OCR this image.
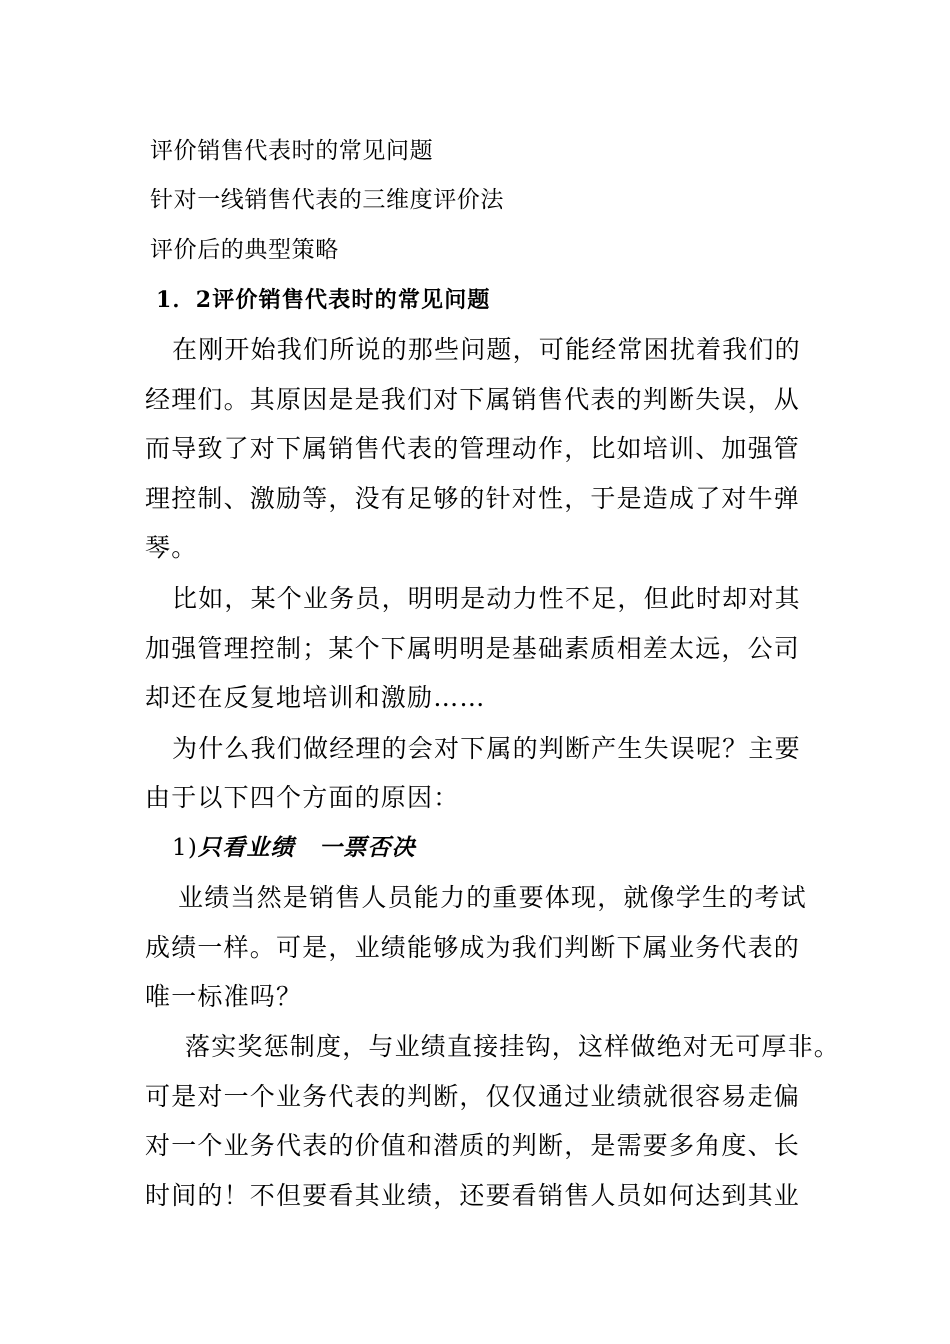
评价销售代表时的常见问题
针对一线销售代表的三维度评价法
评价后的典型策略
1．2评价销售代表时的常见问题
在刚开始我们所说的那些问题，可能经常困扰着我们的
经理们。其原因是是我们对下属销售代表的判断失误，从
而导致了对下属销售代表的管理动作，比如培训、加强管
理控制、激励等，没有足够的针对性，于是造成了对牛弹
琴。
比如，某个业务员，明明是动力性不足，但此时却对其
加强管理控制；某个下属明明是基础素质相差太远，公司
却还在反复地培训和激励……
为什么我们做经理的会对下属的判断产生失误呢？主要
由于以下四个方面的原因：
1)只看业绩　一票否决
业绩当然是销售人员能力的重要体现，就像学生的考试
成绩一样。可是，业绩能够成为我们判断下属业务代表的
唯一标准吗？
落实奖惩制度，与业绩直接挂钩，这样做绝对无可厚非。
可是对一个业务代表的判断，仅仅通过业绩就很容易走偏
对一个业务代表的价值和潜质的判断，是需要多角度、长
时间的！不但要看其业绩，还要看销售人员如何达到其业
